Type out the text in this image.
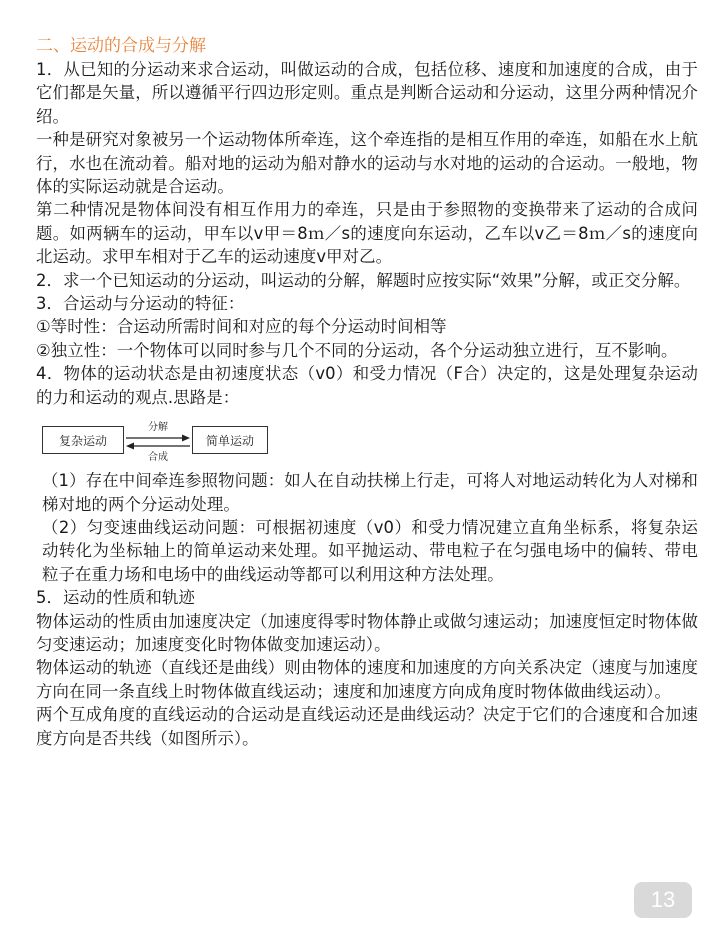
二、运动的合成与分解

1．从已知的分运动来求合运动，叫做运动的合成，包括位移、速度和加速度的合成，由于它们都是矢量，所以遵循平行四边形定则。重点是判断合运动和分运动，这里分两种情况介绍。

一种是研究对象被另一个运动物体所牵连，这个牵连指的是相互作用的牵连，如船在水上航行，水也在流动着。船对地的运动为船对静水的运动与水对地的运动的合运动。一般地，物体的实际运动就是合运动。

第二种情况是物体间没有相互作用力的牵连，只是由于参照物的变换带来了运动的合成问题。如两辆车的运动，甲车以v甲＝8ｍ／s的速度向东运动，乙车以v乙＝8ｍ／s的速度向北运动。求甲车相对于乙车的运动速度v甲对乙。

2．求一个已知运动的分运动，叫运动的分解，解题时应按实际“效果”分解，或正交分解。

3．合运动与分运动的特征：

①等时性：合运动所需时间和对应的每个分运动时间相等

②独立性：一个物体可以同时参与几个不同的分运动，各个分运动独立进行，互不影响。

4．物体的运动状态是由初速度状态（v0）和受力情况（F合）决定的，这是处理复杂运动的力和运动的观点.思路是：

复杂运动
分解
合成
简单运动

（1）存在中间牵连参照物问题：如人在自动扶梯上行走，可将人对地运动转化为人对梯和梯对地的两个分运动处理。

（2）匀变速曲线运动问题：可根据初速度（v0）和受力情况建立直角坐标系，将复杂运动转化为坐标轴上的简单运动来处理。如平抛运动、带电粒子在匀强电场中的偏转、带电粒子在重力场和电场中的曲线运动等都可以利用这种方法处理。

5．运动的性质和轨迹

物体运动的性质由加速度决定（加速度得零时物体静止或做匀速运动；加速度恒定时物体做匀变速运动；加速度变化时物体做变加速运动）。

物体运动的轨迹（直线还是曲线）则由物体的速度和加速度的方向关系决定（速度与加速度方向在同一条直线上时物体做直线运动；速度和加速度方向成角度时物体做曲线运动）。

两个互成角度的直线运动的合运动是直线运动还是曲线运动？决定于它们的合速度和合加速度方向是否共线（如图所示）。

13
